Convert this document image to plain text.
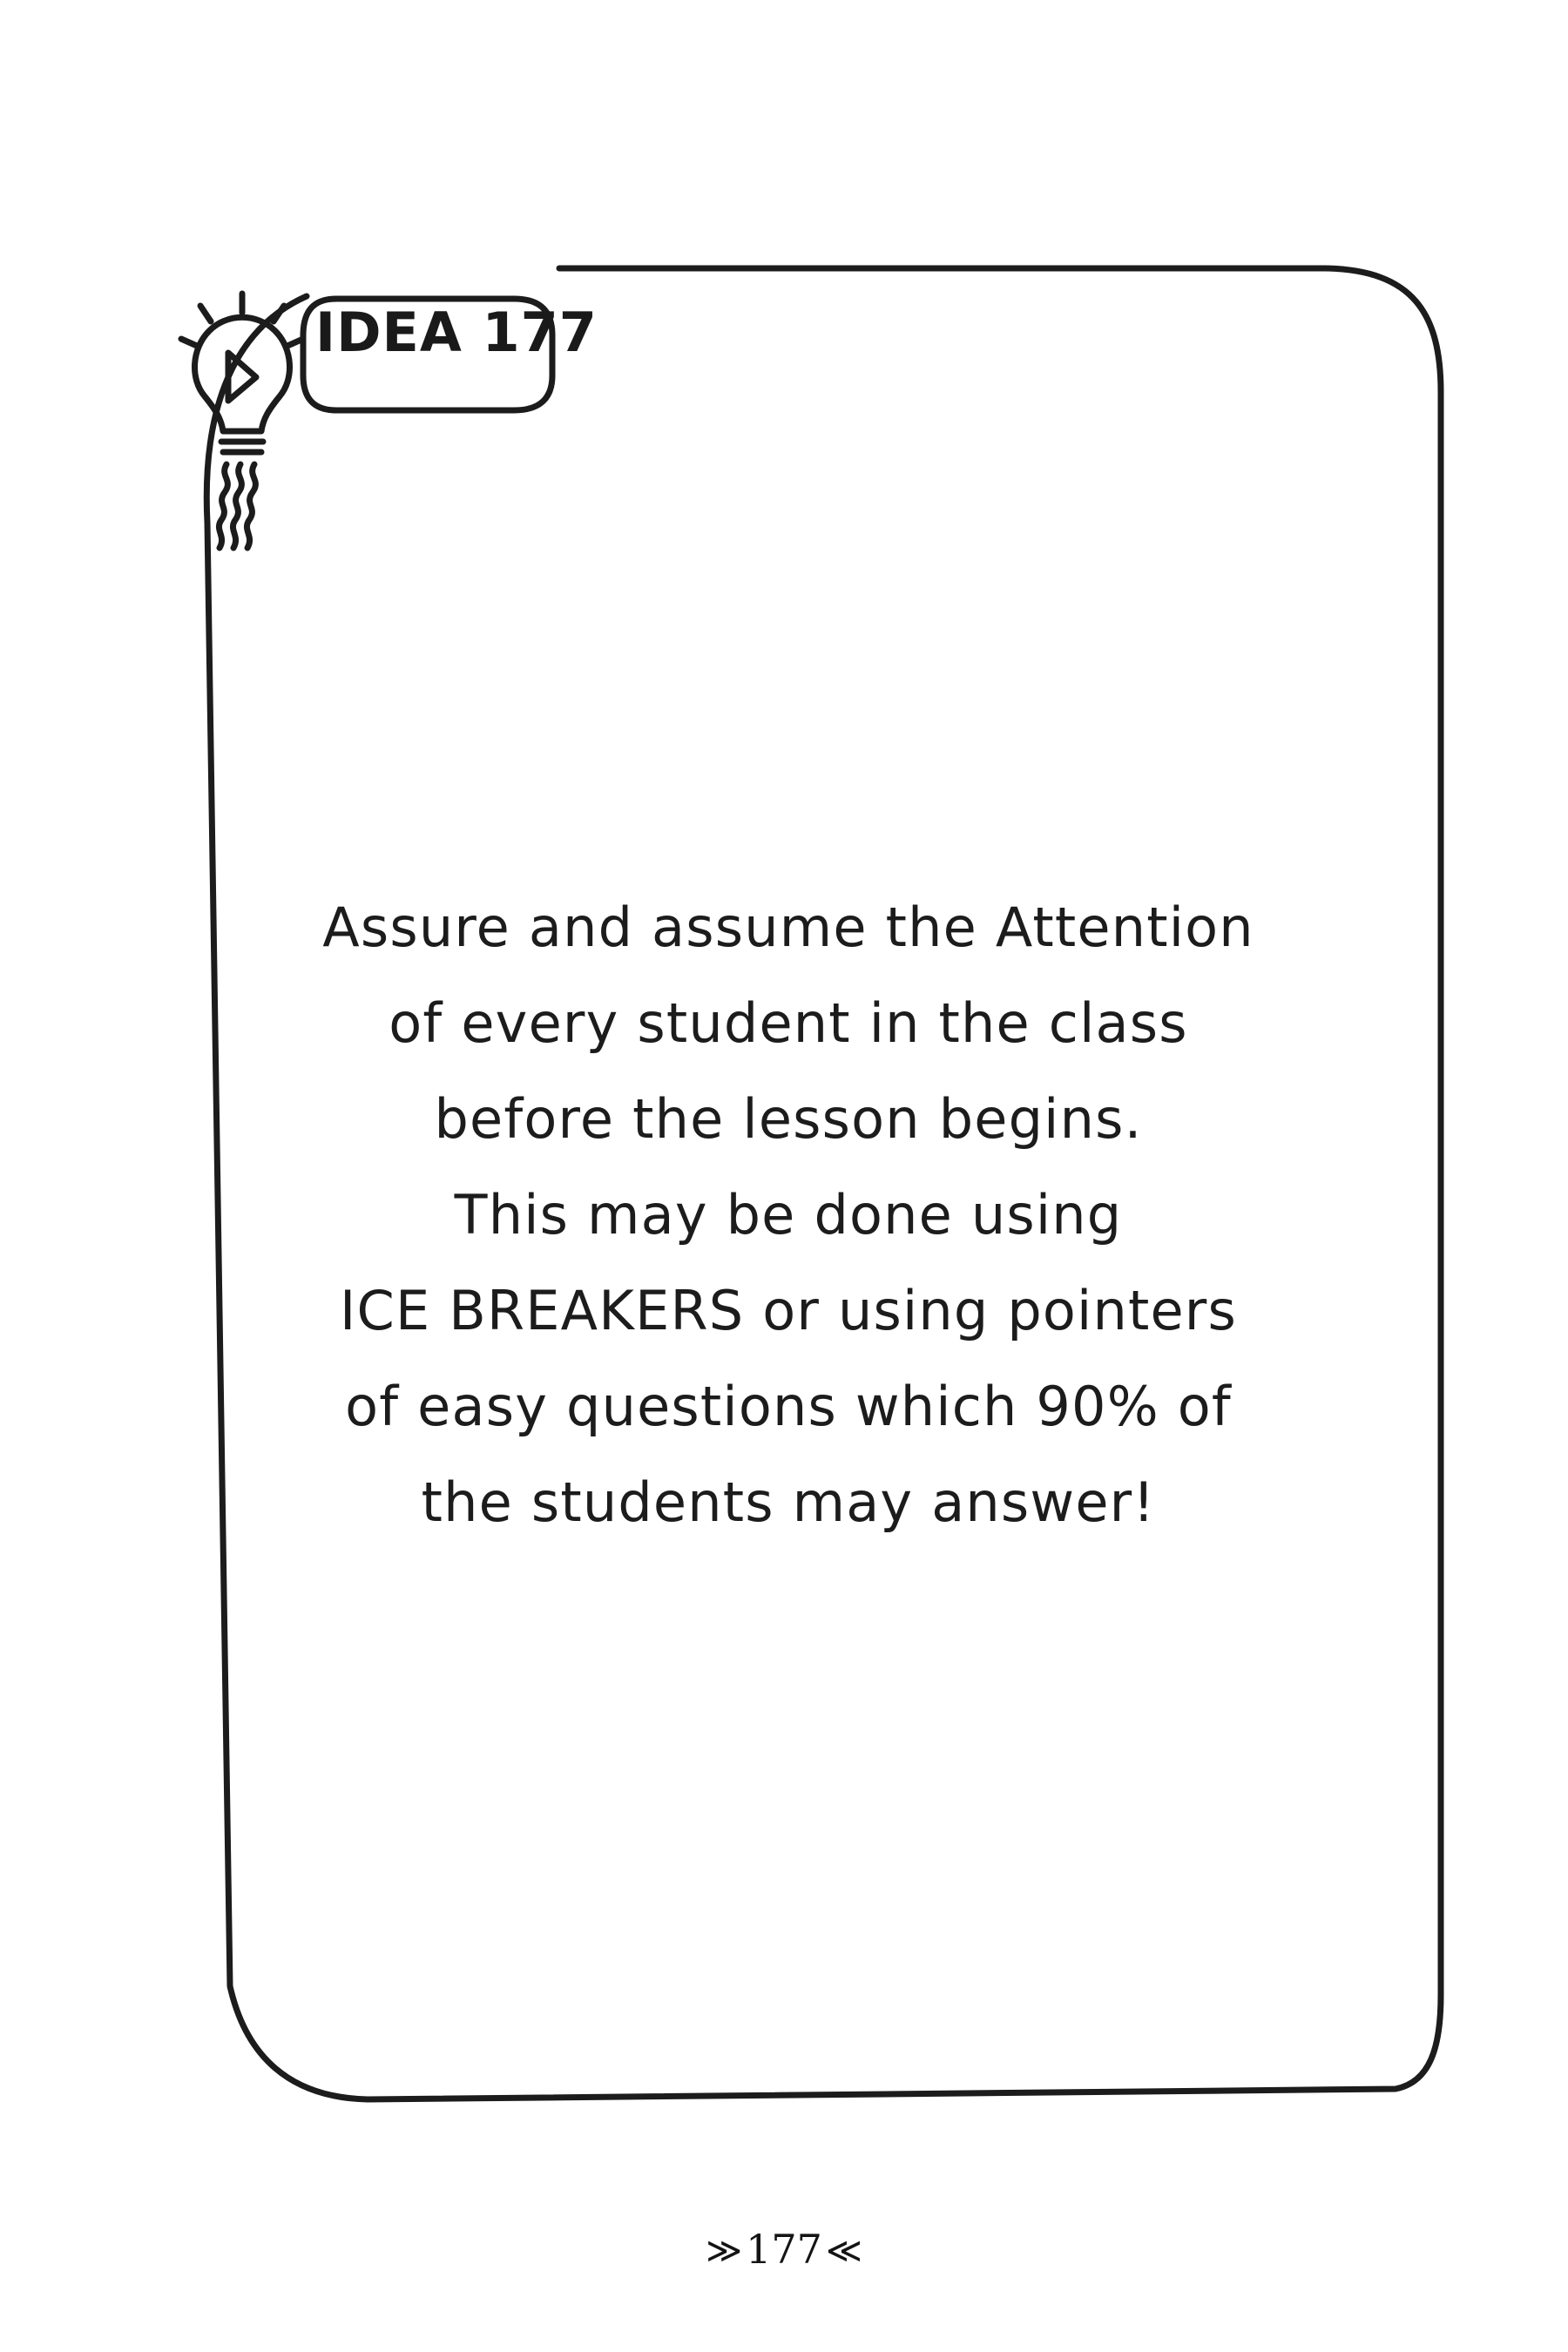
IDEA 177
Assure and assume the Attention
of every student in the class
before the lesson begins.
This may be done using
ICE BREAKERS or using pointers
of easy questions which 90% of
the students may answer!
≫ 177 ≫
